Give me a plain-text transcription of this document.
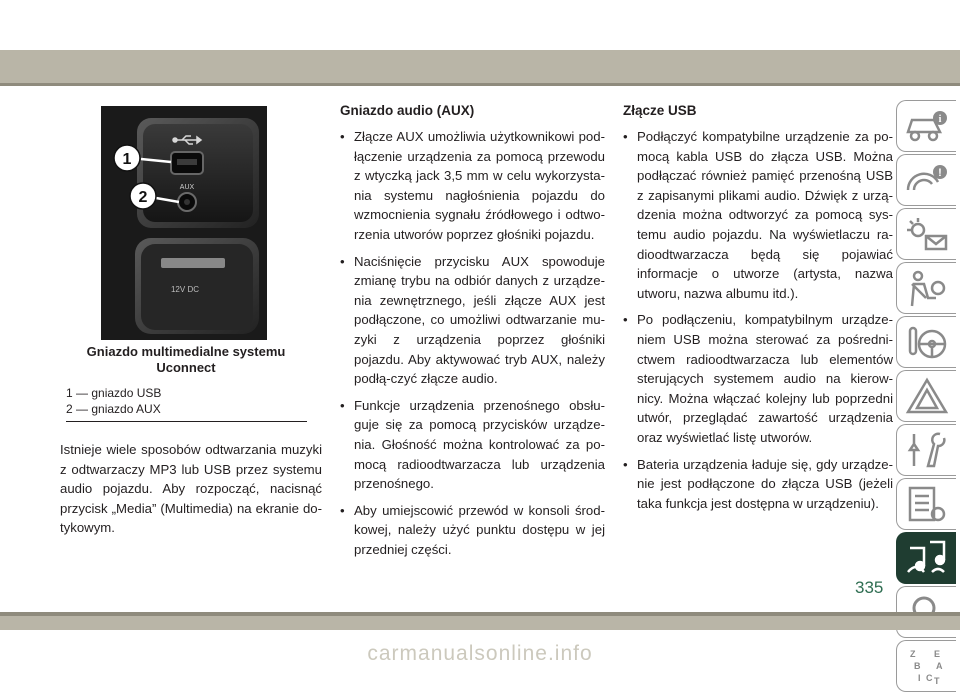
AUX
1
2
12V DC
Gniazdo multimedialne systemu Uconnect
1 — gniazdo USB
2 — gniazdo AUX
Istnieje wiele sposobów odtwarzania muzyki z odtwarzaczy MP3 lub USB przez systemu audio pojazdu. Aby rozpocząć, nacisnąć przycisk „Media” (Multimedia) na ekranie do-tykowym.
Gniazdo audio (AUX)
• Złącze AUX umożliwia użytkownikowi pod-łączenie urządzenia za pomocą przewodu z wtyczką jack 3,5 mm w celu wykorzysta-nia systemu nagłośnienia pojazdu do wzmocnienia sygnału źródłowego i odtwo-rzenia utworów poprzez głośniki pojazdu.
• Naciśnięcie przycisku AUX spowoduje zmianę trybu na odbiór danych z urządze-nia zewnętrznego, jeśli złącze AUX jest podłączone, co umożliwi odtwarzanie mu-zyki z urządzenia poprzez głośniki pojazdu. Aby aktywować tryb AUX, należy podłą-czyć złącze audio.
• Funkcje urządzenia przenośnego obsłu-guje się za pomocą przycisków urządze-nia. Głośność można kontrolować za po-mocą radioodtwarzacza lub urządzenia przenośnego.
• Aby umiejscowić przewód w konsoli środ-kowej, należy użyć punktu dostępu w jej przedniej części.
Złącze USB
• Podłączyć kompatybilne urządzenie za po-mocą kabla USB do złącza USB. Można podłączać również pamięć przenośną USB z zapisanymi plikami audio. Dźwięk z urzą-dzenia można odtworzyć za pomocą sys-temu audio pojazdu. Na wyświetlaczu ra-dioodtwarzacza będą się pojawiać informacje o utworze (artysta, nazwa utworu, nazwa albumu itd.).
• Po podłączeniu, kompatybilnym urządze-niem USB można sterować za pośredni-ctwem radioodtwarzacza lub elementów sterujących systemem audio na kierow-nicy. Można włączać kolejny lub poprzedni utwór, przeglądać zawartość urządzenia oraz wyświetlać listę utworów.
• Bateria urządzenia ładuje się, gdy urządze-nie jest podłączone do złącza USB (jeżeli taka funkcja jest dostępna w urządzeniu).
i
!
Z E
B A
I C T
335
carmanualsonline.info
